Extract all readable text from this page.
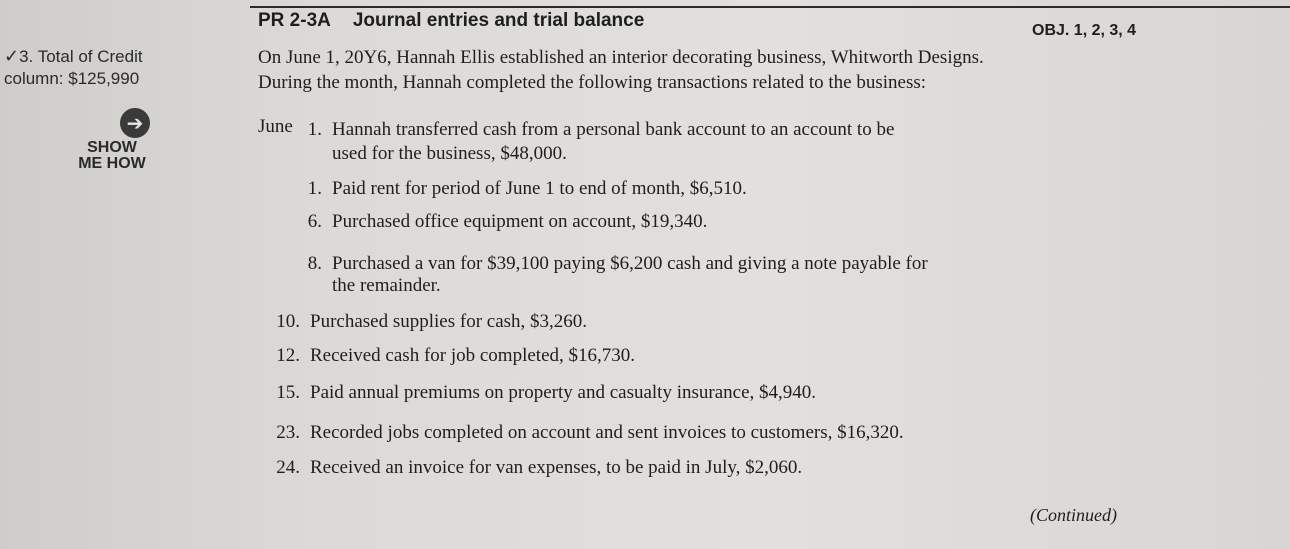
✓3. Total of Credit
column: $125,990
➔
SHOW
ME HOW
PR 2-3A Journal entries and trial balance	OBJ. 1, 2, 3, 4
On June 1, 20Y6, Hannah Ellis established an interior decorating business, Whitworth Designs.
During the month, Hannah completed the following transactions related to the business:
June 1. Hannah transferred cash from a personal bank account to an account to be
used for the business, $48,000.
1. Paid rent for period of June 1 to end of month, $6,510.
6. Purchased office equipment on account, $19,340.
8. Purchased a van for $39,100 paying $6,200 cash and giving a note payable for
the remainder.
10. Purchased supplies for cash, $3,260.
12. Received cash for job completed, $16,730.
15. Paid annual premiums on property and casualty insurance, $4,940.
23. Recorded jobs completed on account and sent invoices to customers, $16,320.
24. Received an invoice for van expenses, to be paid in July, $2,060.
(Continued)
